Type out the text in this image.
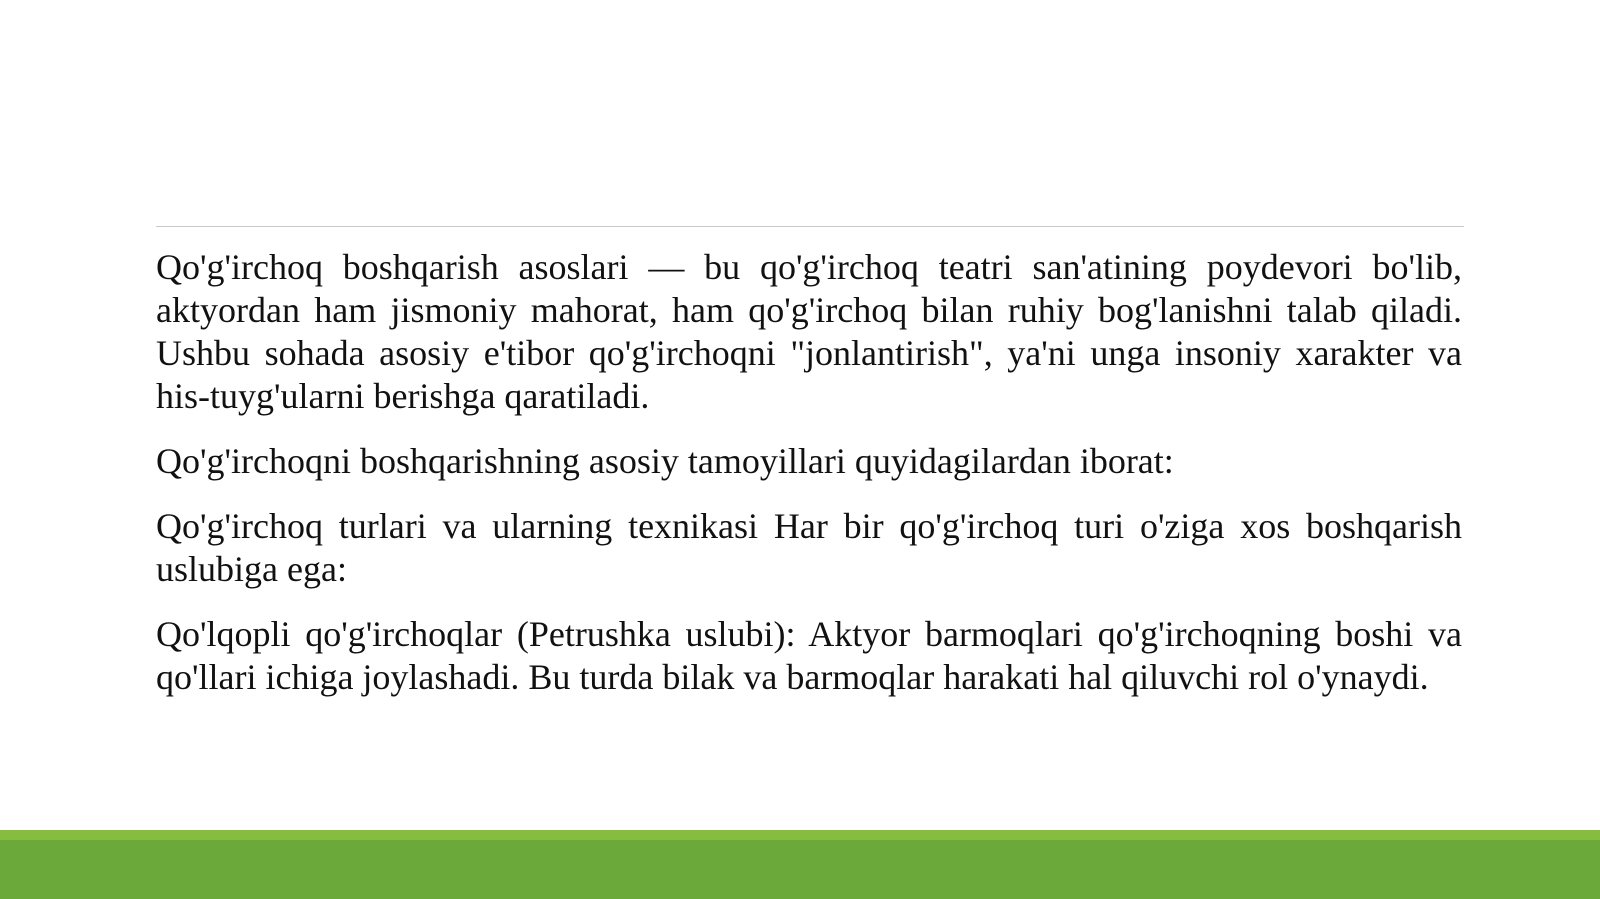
Qo'g'irchoq boshqarish asoslari — bu qo'g'irchoq teatri san'atining poydevori bo'lib, aktyordan ham jismoniy mahorat, ham qo'g'irchoq bilan ruhiy bog'lanishni talab qiladi. Ushbu sohada asosiy e'tibor qo'g'irchoqni "jonlantirish", ya'ni unga insoniy xarakter va his-tuyg'ularni berishga qaratiladi.

Qo'g'irchoqni boshqarishning asosiy tamoyillari quyidagilardan iborat:

Qo'g'irchoq turlari va ularning texnikasi Har bir qo'g'irchoq turi o'ziga xos boshqarish uslubiga ega:

Qo'lqopli qo'g'irchoqlar (Petrushka uslubi): Aktyor barmoqlari qo'g'irchoqning boshi va qo'llari ichiga joylashadi. Bu turda bilak va barmoqlar harakati hal qiluvchi rol o'ynaydi.
